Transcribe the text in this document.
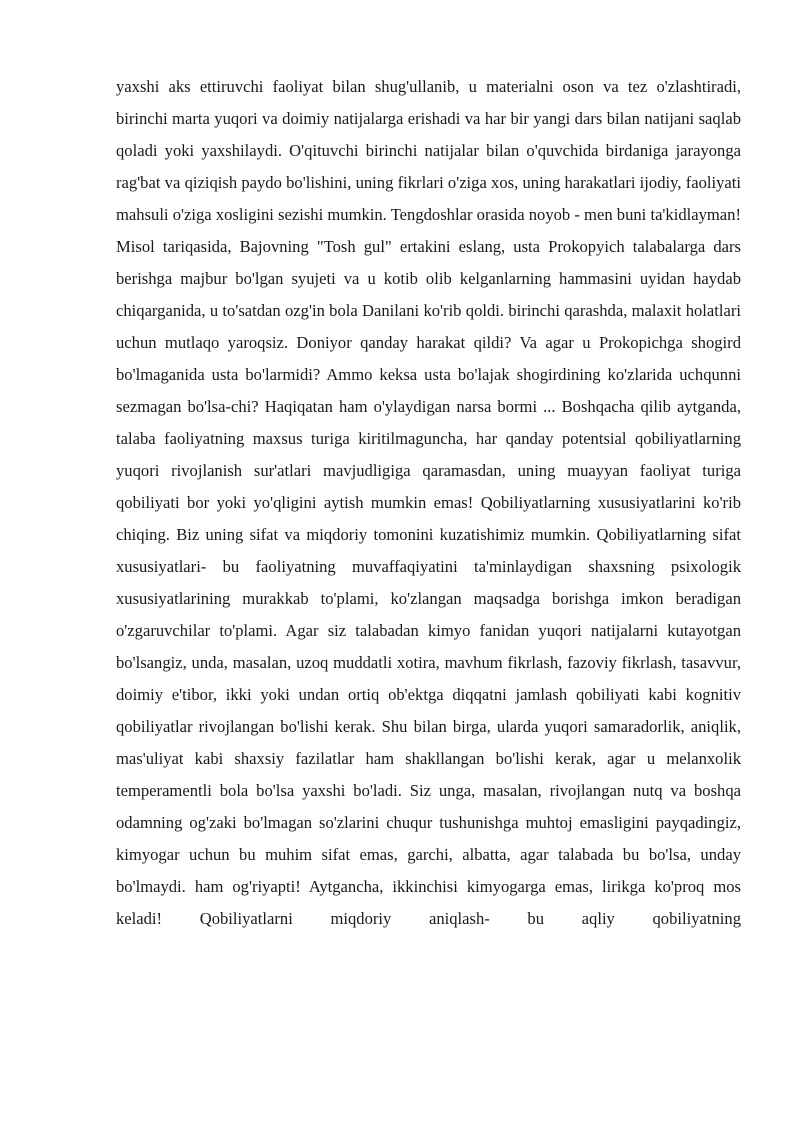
yaxshi aks ettiruvchi faoliyat bilan shug'ullanib, u materialni oson va tez o'zlashtiradi, birinchi marta yuqori va doimiy natijalarga erishadi va har bir yangi dars bilan natijani saqlab qoladi yoki yaxshilaydi. O'qituvchi birinchi natijalar bilan o'quvchida birdaniga jarayonga rag'bat va qiziqish paydo bo'lishini, uning fikrlari o'ziga xos, uning harakatlari ijodiy, faoliyati mahsuli o'ziga xosligini sezishi mumkin. Tengdoshlar orasida noyob - men buni ta'kidlayman! Misol tariqasida, Bajovning "Tosh gul" ertakini eslang, usta Prokopyich talabalarga dars berishga majbur bo'lgan syujeti va u kotib olib kelganlarning hammasini uyidan haydab chiqarganida, u to'satdan ozg'in bola Danilani ko'rib qoldi. birinchi qarashda, malaxit holatlari uchun mutlaqo yaroqsiz. Doniyor qanday harakat qildi? Va agar u Prokopichga shogird bo'lmaganida usta bo'larmidi? Ammo keksa usta bo'lajak shogirdining ko'zlarida uchqunni sezmagan bo'lsa-chi? Haqiqatan ham o'ylaydigan narsa bormi ... Boshqacha qilib aytganda, talaba faoliyatning maxsus turiga kiritilmaguncha, har qanday potentsial qobiliyatlarning yuqori rivojlanish sur'atlari mavjudligiga qaramasdan, uning muayyan faoliyat turiga qobiliyati bor yoki yo'qligini aytish mumkin emas! Qobiliyatlarning xususiyatlarini ko'rib chiqing. Biz uning sifat va miqdoriy tomonini kuzatishimiz mumkin. Qobiliyatlarning sifat xususiyatlari- bu faoliyatning muvaffaqiyatini ta'minlaydigan shaxsning psixologik xususiyatlarining murakkab to'plami, ko'zlangan maqsadga borishga imkon beradigan o'zgaruvchilar to'plami. Agar siz talabadan kimyo fanidan yuqori natijalarni kutayotgan bo'lsangiz, unda, masalan, uzoq muddatli xotira, mavhum fikrlash, fazoviy fikrlash, tasavvur, doimiy e'tibor, ikki yoki undan ortiq ob'ektga diqqatni jamlash qobiliyati kabi kognitiv qobiliyatlar rivojlangan bo'lishi kerak. Shu bilan birga, ularda yuqori samaradorlik, aniqlik, mas'uliyat kabi shaxsiy fazilatlar ham shakllangan bo'lishi kerak, agar u melanxolik temperamentli bola bo'lsa yaxshi bo'ladi. Siz unga, masalan, rivojlangan nutq va boshqa odamning og'zaki bo'lmagan so'zlarini chuqur tushunishga muhtoj emasligini payqadingiz, kimyogar uchun bu muhim sifat emas, garchi, albatta, agar talabada bu bo'lsa, unday bo'lmaydi. ham og'riyapti! Aytgancha, ikkinchisi kimyogarga emas, lirikga ko'proq mos keladi! Qobiliyatlarni miqdoriy aniqlash- bu aqliy qobiliyatning
